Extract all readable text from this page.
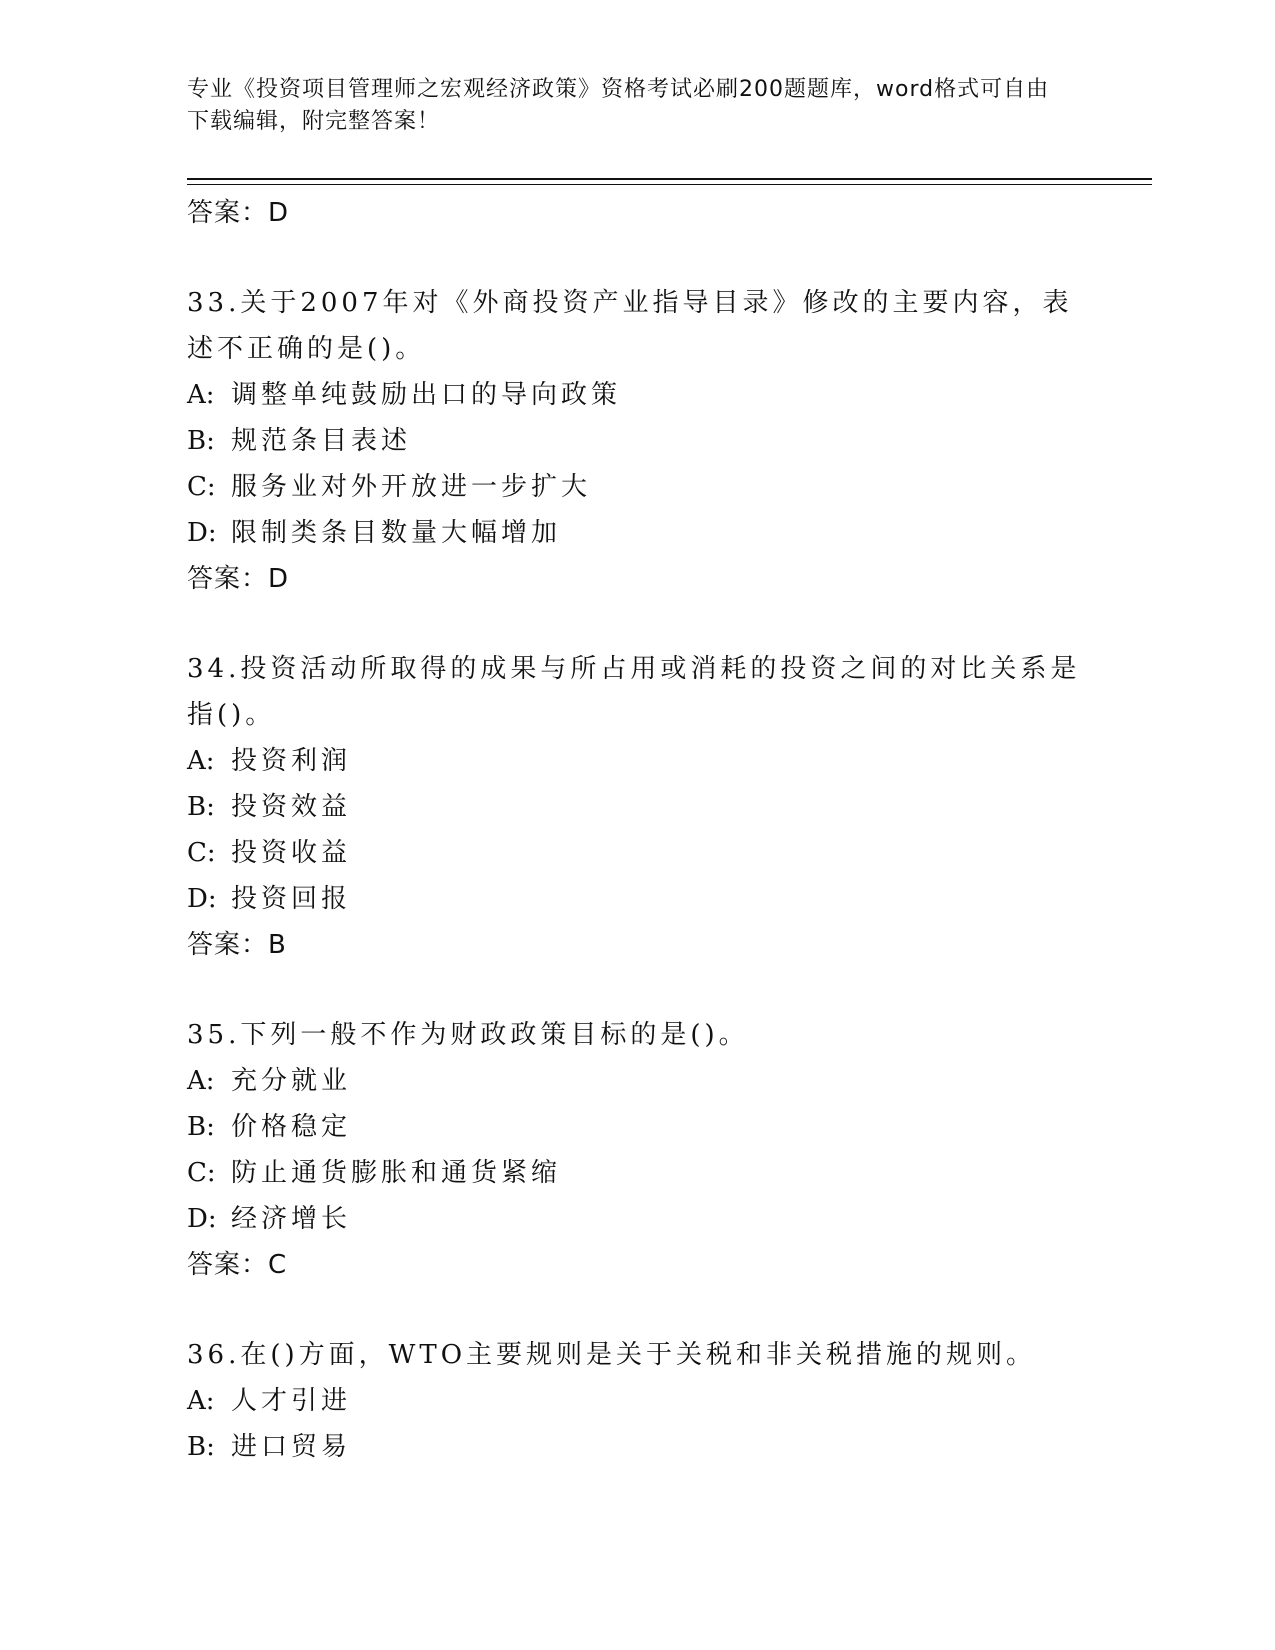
专业《投资项目管理师之宏观经济政策》资格考试必刷200题题库，word格式可自由下载编辑，附完整答案！

答案：D

33.关于2007年对《外商投资产业指导目录》修改的主要内容，表述不正确的是()。

A: 调整单纯鼓励出口的导向政策

B: 规范条目表述

C: 服务业对外开放进一步扩大

D: 限制类条目数量大幅增加

答案：D

34.投资活动所取得的成果与所占用或消耗的投资之间的对比关系是指()。

A: 投资利润

B: 投资效益

C: 投资收益

D: 投资回报

答案：B

35.下列一般不作为财政政策目标的是()。

A: 充分就业

B: 价格稳定

C: 防止通货膨胀和通货紧缩

D: 经济增长

答案：C

36.在()方面，WTO主要规则是关于关税和非关税措施的规则。

A: 人才引进

B: 进口贸易
